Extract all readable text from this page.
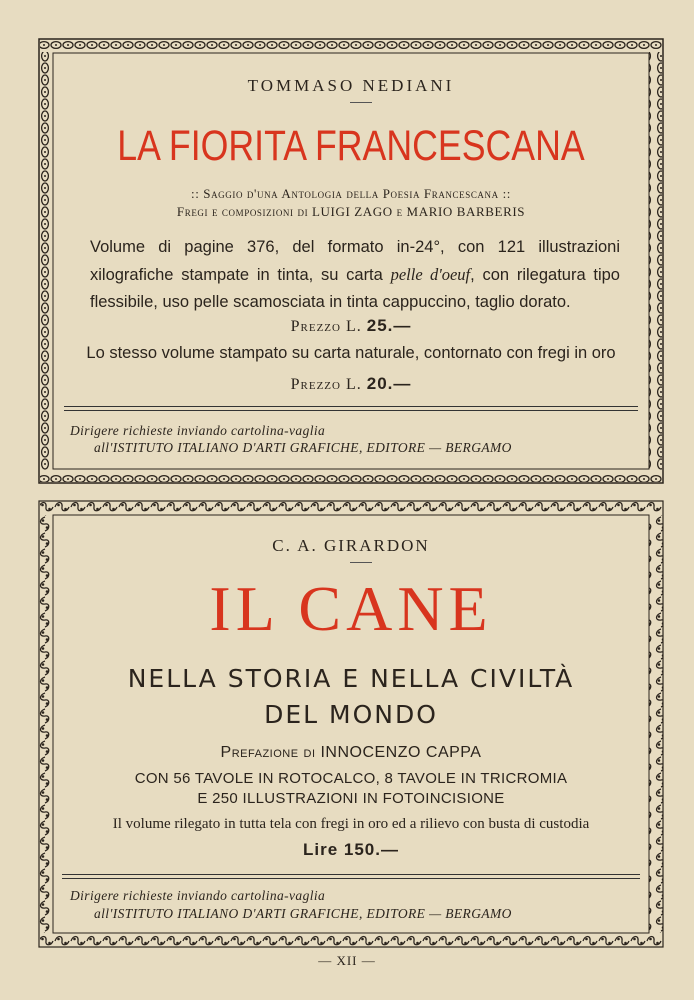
TOMMASO NEDIANI
LA FIORITA FRANCESCANA
:: Saggio d'una Antologia della Poesia Francescana ::
Fregi e composizioni di LUIGI ZAGO e MARIO BARBERIS
Volume di pagine 376, del formato in-24°, con 121 illustrazioni xilografiche stampate in tinta, su carta pelle d'oeuf, con rilegatura tipo flessibile, uso pelle scamosciata in tinta cappuccino, taglio dorato.
Prezzo L. 25.—
Lo stesso volume stampato su carta naturale, contornato con fregi in oro
Prezzo L. 20.—
Dirigere richieste inviando cartolina-vaglia
all'ISTITUTO ITALIANO D'ARTI GRAFICHE, EDITORE — BERGAMO
C. A. GIRARDON
IL CANE
NELLA STORIA E NELLA CIVILTÀ
DEL MONDO
Prefazione di INNOCENZO CAPPA
CON 56 TAVOLE IN ROTOCALCO, 8 TAVOLE IN TRICROMIA
E 250 ILLUSTRAZIONI IN FOTOINCISIONE
Il volume rilegato in tutta tela con fregi in oro ed a rilievo con busta di custodia
Lire 150.—
Dirigere richieste inviando cartolina-vaglia
all'ISTITUTO ITALIANO D'ARTI GRAFICHE, EDITORE — BERGAMO
— XII —
